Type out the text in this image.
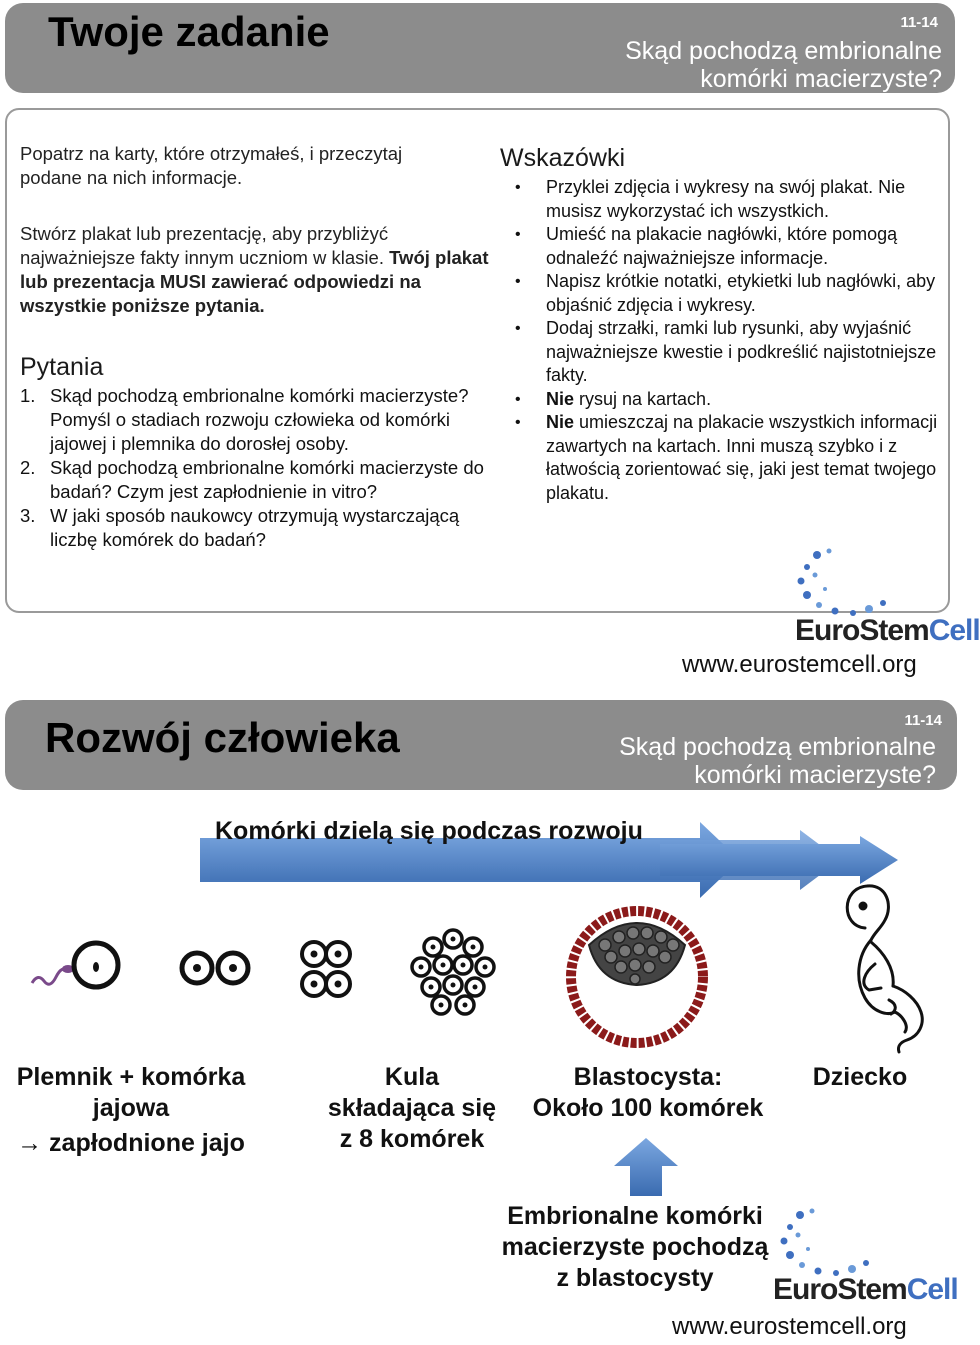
Twoje zadanie	11-14
Skąd pochodzą embrionalne
komórki macierzyste?
Popatrz na karty, które otrzymałeś, i przeczytaj podane na nich informacje.
Stwórz plakat lub prezentację, aby przybliżyć najważniejsze fakty innym uczniom w klasie. Twój plakat lub prezentacja MUSI zawierać odpowiedzi na wszystkie poniższe pytania.
Pytania
1. Skąd pochodzą embrionalne komórki macierzyste? Pomyśl o stadiach rozwoju człowieka od komórki jajowej i plemnika do dorosłej osoby.
2. Skąd pochodzą embrionalne komórki macierzyste do badań? Czym jest zapłodnienie in vitro?
3. W jaki sposób naukowcy otrzymują wystarczającą liczbę komórek do badań?
Wskazówki
• Przyklei zdjęcia i wykresy na swój plakat. Nie musisz wykorzystać ich wszystkich.
• Umieść na plakacie nagłówki, które pomogą odnaleźć najważniejsze informacje.
• Napisz krótkie notatki, etykietki lub nagłówki, aby objaśnić zdjęcia i wykresy.
• Dodaj strzałki, ramki lub rysunki, aby wyjaśnić najważniejsze kwestie i podkreślić najistotniejsze fakty.
• Nie rysuj na kartach.
• Nie umieszczaj na plakacie wszystkich informacji zawartych na kartach. Inni muszą szybko i z łatwością zorientować się, jaki jest temat twojego plakatu.
EuroStemCell
www.eurostemcell.org
Rozwój człowieka	11-14
Skąd pochodzą embrionalne
komórki macierzyste?
Komórki dzielą się podczas rozwoju
Plemnik + komórka
jajowa
→ zapłodnione jajo
Kula
składająca się
z 8 komórek
Blastocysta:
Około 100 komórek
Dziecko
Embrionalne komórki
macierzyste pochodzą
z blastocysty	EuroStemCell
www.eurostemcell.org
